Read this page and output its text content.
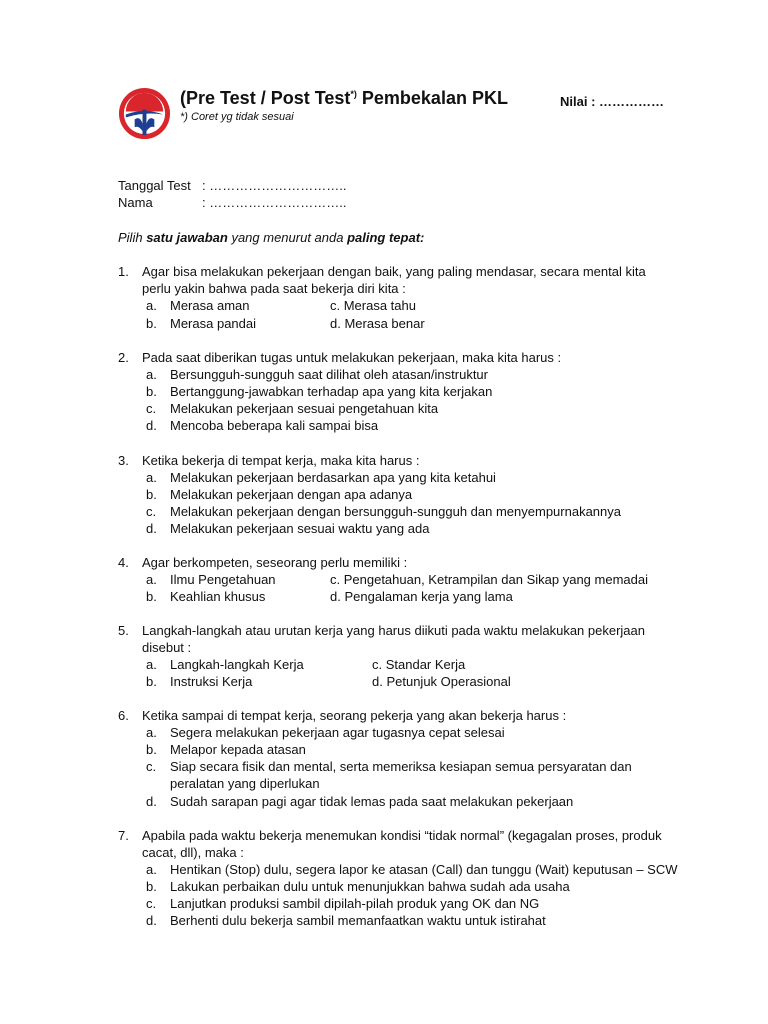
(Pre Test / Post Test*) Pembekalan PKL
*) Coret yg tidak sesuai
Nilai : ……………
Tanggal Test : …………………………..
Nama	: …………………………..
Pilih satu jawaban yang menurut anda paling tepat:
1. Agar bisa melakukan pekerjaan dengan baik, yang paling mendasar, secara mental kita perlu yakin bahwa pada saat bekerja diri kita :
a. Merasa aman
b. Merasa pandai
c. Merasa tahu
d. Merasa benar
2. Pada saat diberikan tugas untuk melakukan pekerjaan, maka kita harus :
a. Bersungguh-sungguh saat dilihat oleh atasan/instruktur
b. Bertanggung-jawabkan terhadap apa yang kita kerjakan
c. Melakukan pekerjaan sesuai pengetahuan kita
d. Mencoba beberapa kali sampai bisa
3. Ketika bekerja di tempat kerja, maka kita harus :
a. Melakukan pekerjaan berdasarkan apa yang kita ketahui
b. Melakukan pekerjaan dengan apa adanya
c. Melakukan pekerjaan dengan bersungguh-sungguh dan menyempurnakannya
d. Melakukan pekerjaan sesuai waktu yang ada
4. Agar berkompeten, seseorang perlu memiliki :
a. Ilmu Pengetahuan
b. Keahlian khusus
c. Pengetahuan, Ketrampilan dan Sikap yang memadai
d. Pengalaman kerja yang lama
5. Langkah-langkah atau urutan kerja yang harus diikuti pada waktu melakukan pekerjaan disebut :
a. Langkah-langkah Kerja
b. Instruksi Kerja
c. Standar Kerja
d. Petunjuk Operasional
6. Ketika sampai di tempat kerja, seorang pekerja yang akan bekerja harus :
a. Segera melakukan pekerjaan agar tugasnya cepat selesai
b. Melapor kepada atasan
c. Siap secara fisik dan mental, serta memeriksa kesiapan semua persyaratan dan
peralatan yang diperlukan
d. Sudah sarapan pagi agar tidak lemas pada saat melakukan pekerjaan
7. Apabila pada waktu bekerja menemukan kondisi “tidak normal” (kegagalan proses, produk cacat, dll), maka :
a. Hentikan (Stop) dulu, segera lapor ke atasan (Call) dan tunggu (Wait) keputusan – SCW
b. Lakukan perbaikan dulu untuk menunjukkan bahwa sudah ada usaha
c. Lanjutkan produksi sambil dipilah-pilah produk yang OK dan NG
d. Berhenti dulu bekerja sambil memanfaatkan waktu untuk istirahat
